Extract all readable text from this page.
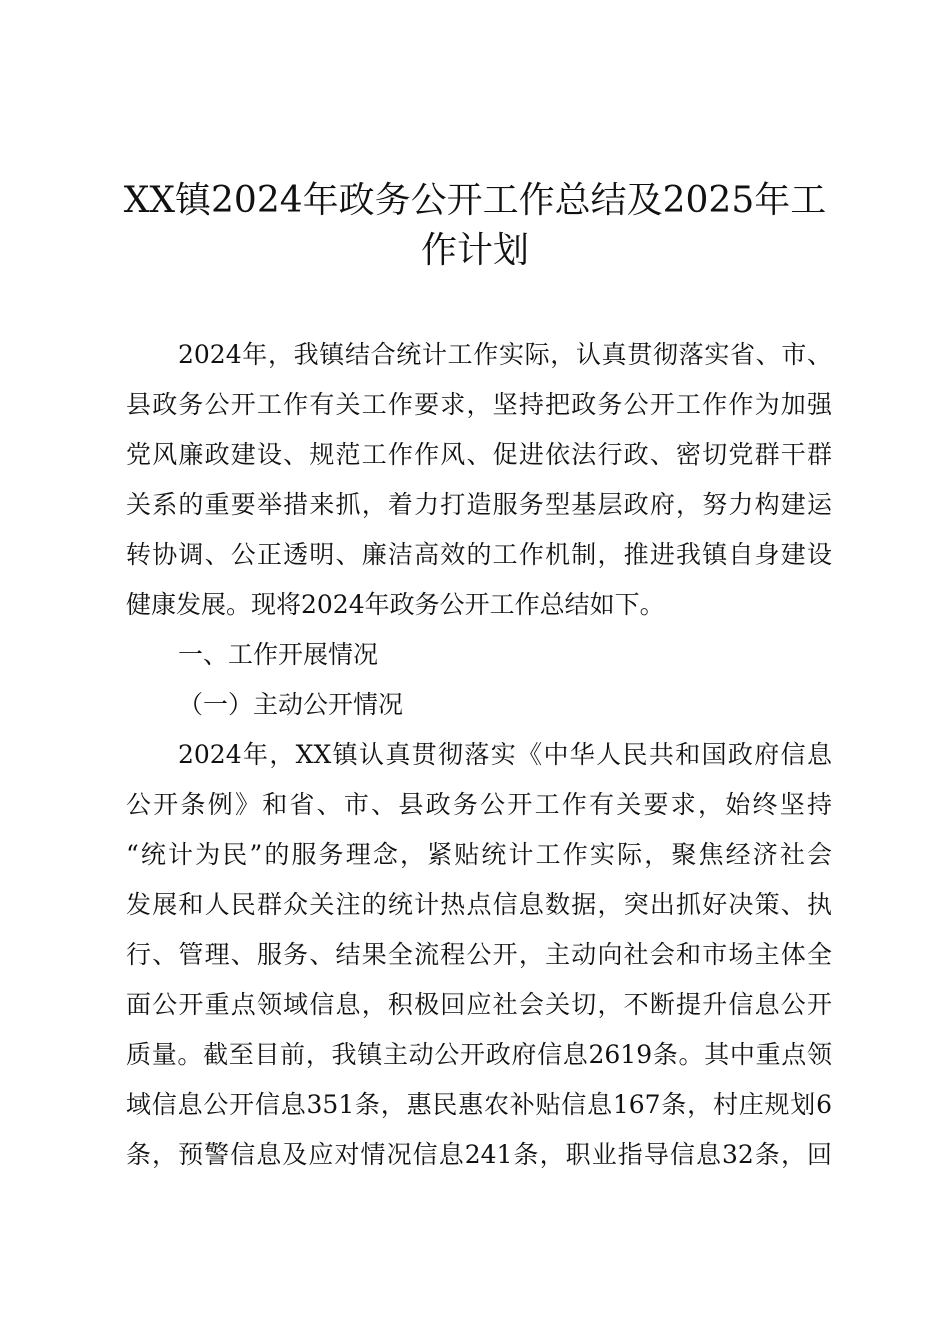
XX镇2024年政务公开工作总结及2025年工
作计划
2024年，我镇结合统计工作实际，认真贯彻落实省、市、
县政务公开工作有关工作要求，坚持把政务公开工作作为加强
党风廉政建设、规范工作作风、促进依法行政、密切党群干群
关系的重要举措来抓，着力打造服务型基层政府，努力构建运
转协调、公正透明、廉洁高效的工作机制，推进我镇自身建设
健康发展。现将2024年政务公开工作总结如下。
一、工作开展情况
（一）主动公开情况
2024年，XX镇认真贯彻落实《中华人民共和国政府信息
公开条例》和省、市、县政务公开工作有关要求，始终坚持
“统计为民”的服务理念，紧贴统计工作实际，聚焦经济社会
发展和人民群众关注的统计热点信息数据，突出抓好决策、执
行、管理、服务、结果全流程公开，主动向社会和市场主体全
面公开重点领域信息，积极回应社会关切，不断提升信息公开
质量。截至目前，我镇主动公开政府信息2619条。其中重点领
域信息公开信息351条，惠民惠农补贴信息167条，村庄规划6
条，预警信息及应对情况信息241条，职业指导信息32条，回
